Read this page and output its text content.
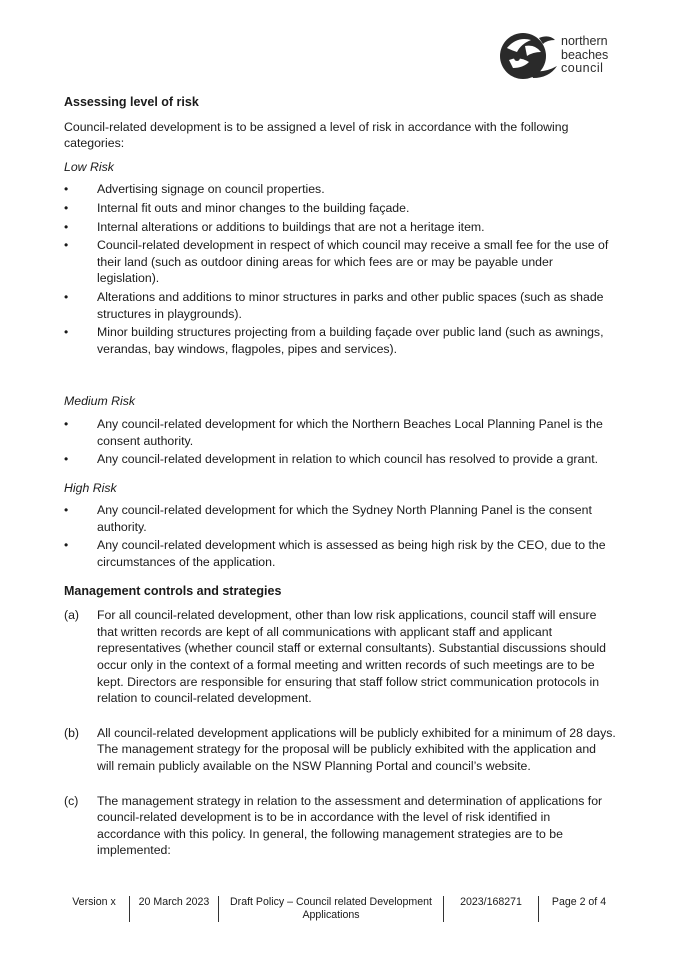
northern
beaches
council
Assessing level of risk

Council-related development is to be assigned a level of risk in accordance with the following categories:

Low Risk
• Advertising signage on council properties.
• Internal fit outs and minor changes to the building façade.
• Internal alterations or additions to buildings that are not a heritage item.
• Council-related development in respect of which council may receive a small fee for the use of their land (such as outdoor dining areas for which fees are or may be payable under legislation).
• Alterations and additions to minor structures in parks and other public spaces (such as shade structures in playgrounds).
• Minor building structures projecting from a building façade over public land (such as awnings, verandas, bay windows, flagpoles, pipes and services).
Medium Risk
• Any council-related development for which the Northern Beaches Local Planning Panel is the consent authority.
• Any council-related development in relation to which council has resolved to provide a grant.
High Risk
• Any council-related development for which the Sydney North Planning Panel is the consent authority.
• Any council-related development which is assessed as being high risk by the CEO, due to the circumstances of the application.
Management controls and strategies
(a) For all council-related development, other than low risk applications, council staff will ensure that written records are kept of all communications with applicant staff and applicant representatives (whether council staff or external consultants). Substantial discussions should occur only in the context of a formal meeting and written records of such meetings are to be kept. Directors are responsible for ensuring that staff follow strict communication protocols in relation to council-related development.
(b) All council-related development applications will be publicly exhibited for a minimum of 28 days. The management strategy for the proposal will be publicly exhibited with the application and will remain publicly available on the NSW Planning Portal and council’s website.
(c) The management strategy in relation to the assessment and determination of applications for council-related development is to be in accordance with the level of risk identified in accordance with this policy. In general, the following management strategies are to be implemented:
Version x	20 March 2023	Draft Policy – Council related Development
Applications
2023/168271	Page 2 of 4
